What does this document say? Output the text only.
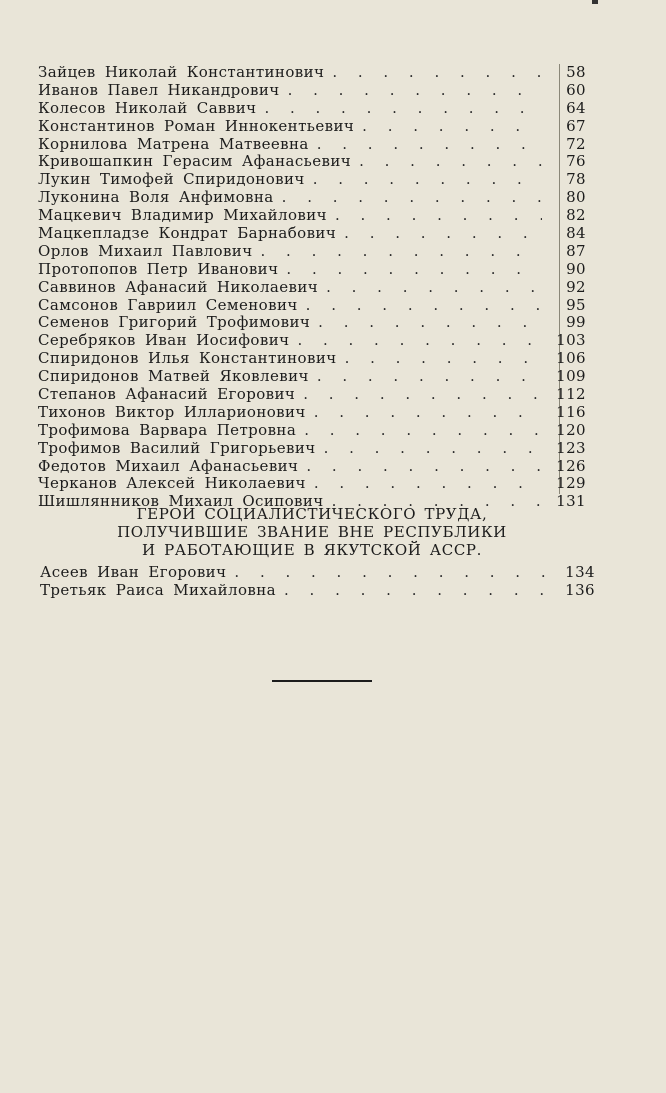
Зайцев Николай Константинович . . .	58
Иванов Павел Никандрович . . .	60
Колесов Николай Саввич . . .	64
Константинов Роман Иннокентьевич . . .	67
Корнилова Матрена Матвеевна . . .	72
Кривошапкин Герасим Афанасьевич . . .	76
Лукин Тимофей Спиридонович . . .	78
Луконина Воля Анфимовна . . .	80
Мацкевич Владимир Михайлович . . .	82
Мацкепладзе Кондрат Барнабович . . .	84
Орлов Михаил Павлович . . .	87
Протопопов Петр Иванович . . .	90
Саввинов Афанасий Николаевич . . .	92
Самсонов Гавриил Семенович . . .	95
Семенов Григорий Трофимович . . .	99
Серебряков Иван Иосифович . . .	103
Спиридонов Илья Константинович . . .	106
Спиридонов Матвей Яковлевич . . .	109
Степанов Афанасий Егорович . . .	112
Тихонов Виктор Илларионович . . .	116
Трофимова Варвара Петровна . . .	120
Трофимов Василий Григорьевич . . .	123
Федотов Михаил Афанасьевич . . .	126
Черканов Алексей Николаевич . . .	129
Шишлянников Михаил Осипович . . .	131
ГЕРОИ СОЦИАЛИСТИЧЕСКОГО ТРУДА,
ПОЛУЧИВШИЕ ЗВАНИЕ ВНЕ РЕСПУБЛИКИ
И РАБОТАЮЩИЕ В ЯКУТСКОЙ АССР.
Асеев Иван Егорович . . .	134
Третьяк Раиса Михайловна . . .	136
